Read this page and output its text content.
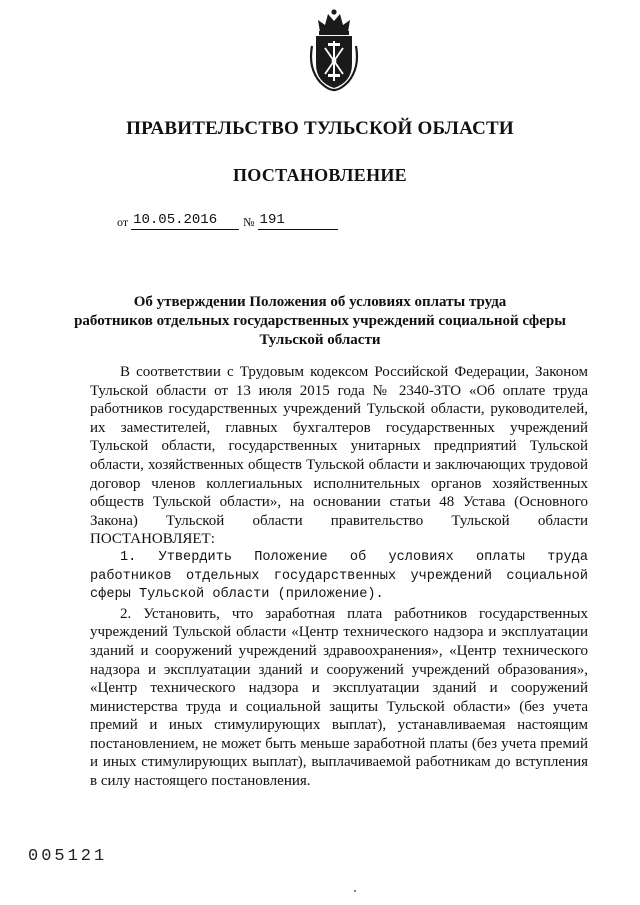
ПРАВИТЕЛЬСТВО ТУЛЬСКОЙ ОБЛАСТИ
ПОСТАНОВЛЕНИЕ
от 10.05.2016	№ 191
Об утверждении Положения об условиях оплаты труда
работников отдельных государственных учреждений социальной сферы
Тульской области

В соответствии с Трудовым кодексом Российской Федерации, Законом Тульской области от 13 июля 2015 года № 2340-ЗТО «Об оплате труда работников государственных учреждений Тульской области, руководителей, их заместителей, главных бухгалтеров государственных учреждений Тульской области, государственных унитарных предприятий Тульской области, хозяйственных обществ Тульской области и заключающих трудовой договор членов коллегиальных исполнительных органов хозяйственных обществ Тульской области», на основании статьи 48 Устава (Основного Закона) Тульской области правительство Тульской области ПОСТАНОВЛЯЕТ:

1. Утвердить Положение об условиях оплаты труда работников отдельных государственных учреждений социальной сферы Тульской области (приложение).

2. Установить, что заработная плата работников государственных учреждений Тульской области «Центр технического надзора и эксплуатации зданий и сооружений учреждений здравоохранения», «Центр технического надзора и эксплуатации зданий и сооружений учреждений образования», «Центр технического надзора и эксплуатации зданий и сооружений министерства труда и социальной защиты Тульской области» (без учета премий и иных стимулирующих выплат), устанавливаемая настоящим постановлением, не может быть меньше заработной платы (без учета премий и иных стимулирующих выплат), выплачиваемой работникам до вступления в силу настоящего постановления.

005121
